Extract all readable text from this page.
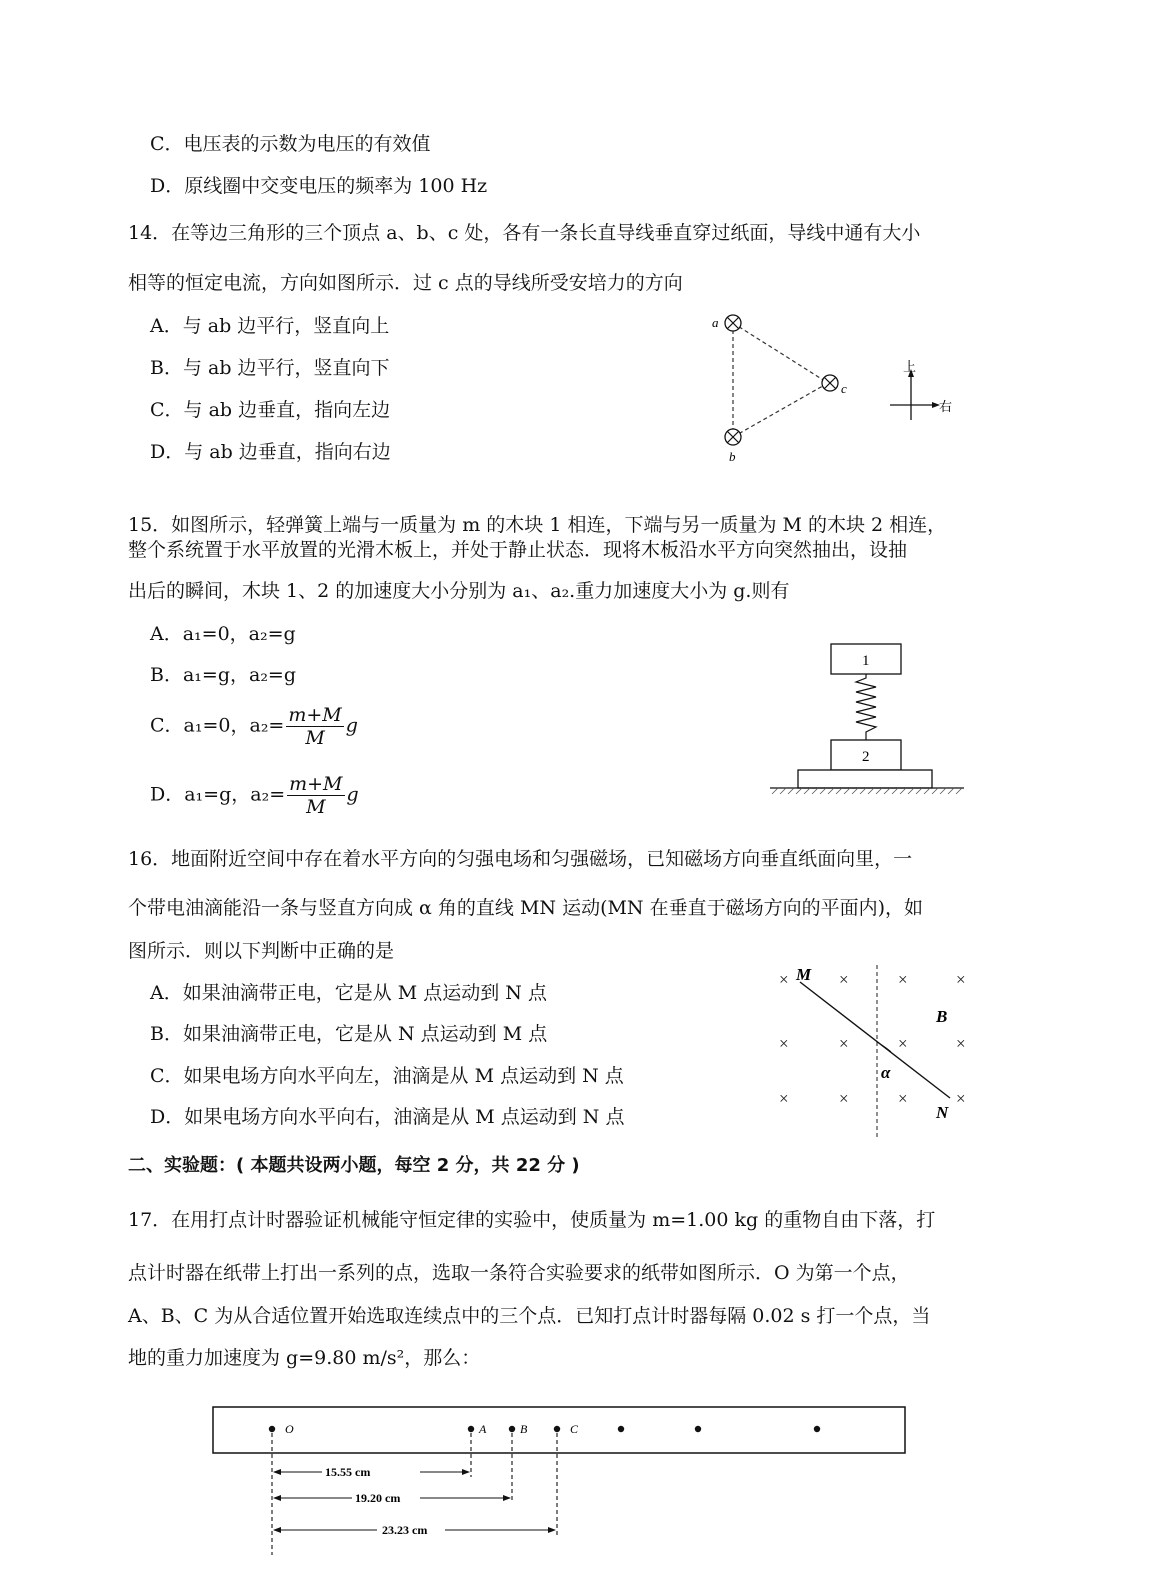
C．电压表的示数为电压的有效值
D．原线圈中交变电压的频率为 100 Hz
14．在等边三角形的三个顶点 a、b、c 处，各有一条长直导线垂直穿过纸面，导线中通有大小
相等的恒定电流，方向如图所示．过 c 点的导线所受安培力的方向
A．与 ab 边平行，竖直向上
B．与 ab 边平行，竖直向下
C．与 ab 边垂直，指向左边
D．与 ab 边垂直，指向右边
a
b
c
上
右
15．如图所示，轻弹簧上端与一质量为 m 的木块 1 相连，下端与另一质量为 M 的木块 2 相连，
整个系统置于水平放置的光滑木板上，并处于静止状态．现将木板沿水平方向突然抽出，设抽
出后的瞬间，木块 1、2 的加速度大小分别为 a₁、a₂.重力加速度大小为 g.则有
A．a₁=0，a₂=g
B．a₁=g，a₂=g
C．a₁=0，$a_2= \frac{m+M}{M}$ g
D．a₁=g，$a_2= \frac{m+M}{M}$ g
1
2
16．地面附近空间中存在着水平方向的匀强电场和匀强磁场，已知磁场方向垂直纸面向里，一
个带电油滴能沿一条与竖直方向成 α 角的直线 MN 运动(MN 在垂直于磁场方向的平面内)，如
图所示．则以下判断中正确的是
A．如果油滴带正电，它是从 M 点运动到 N 点
B．如果油滴带正电，它是从 N 点运动到 M 点
C．如果电场方向水平向左，油滴是从 M 点运动到 N 点
D．如果电场方向水平向右，油滴是从 M 点运动到 N 点
×	×	×	×
×	×	×	×
×	×	×	×
M
N
B
α
二、实验题：( 本题共设两小题，每空 2 分，共 22 分 )
17．在用打点计时器验证机械能守恒定律的实验中，使质量为 m=1.00 kg 的重物自由下落，打
点计时器在纸带上打出一系列的点，选取一条符合实验要求的纸带如图所示．O 为第一个点，
A、B、C 为从合适位置开始选取连续点中的三个点．已知打点计时器每隔 0.02 s 打一个点，当
地的重力加速度为 g=9.80 m/s²，那么：
O	A	B	C
15.55 cm
19.20 cm
23.23 cm
